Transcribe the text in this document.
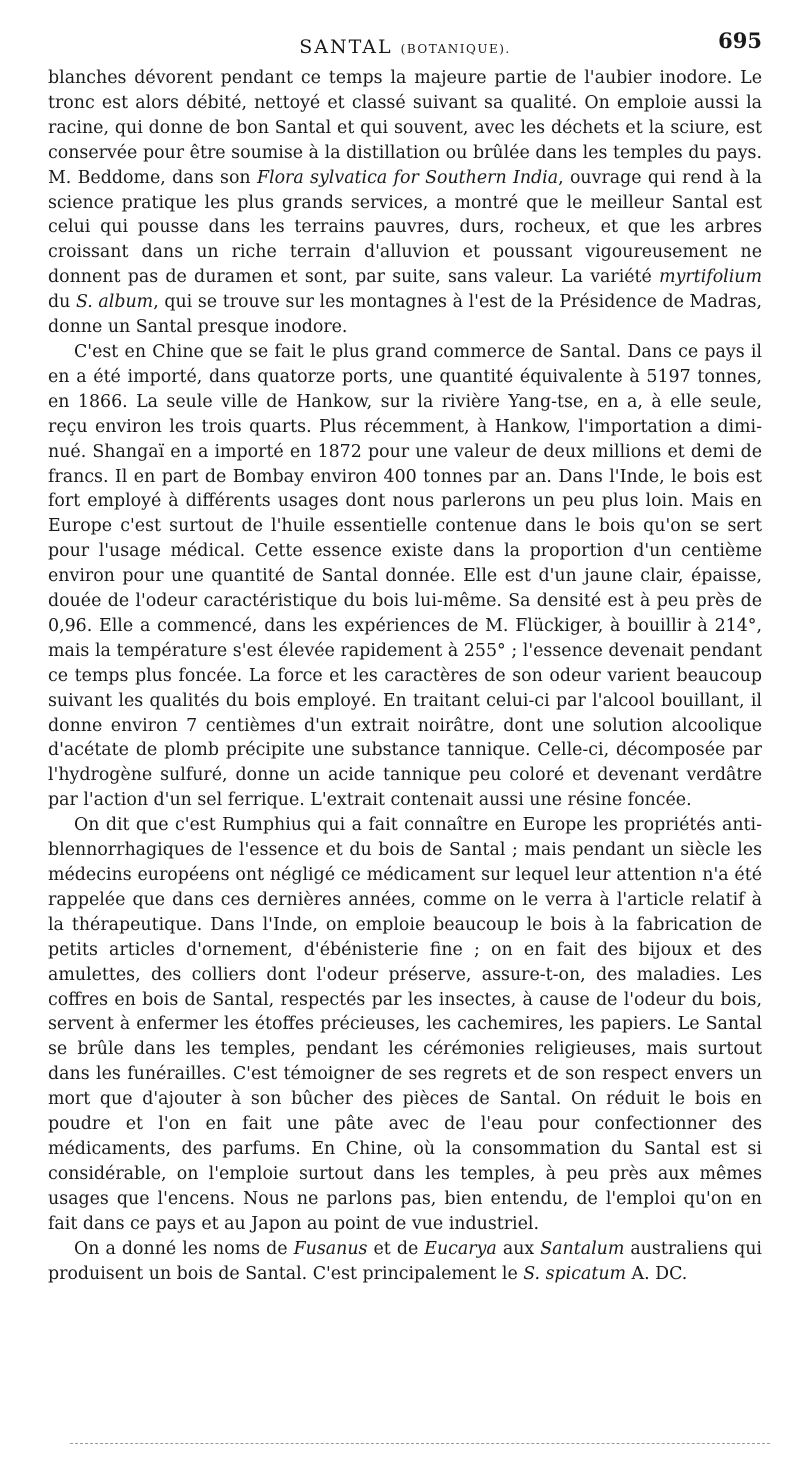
SANTAL (BOTANIQUE).	695

blanches dévorent pendant ce temps la majeure partie de l'aubier inodore. Le tronc est alors débité, nettoyé et classé suivant sa qualité. On emploie aussi la racine, qui donne de bon Santal et qui souvent, avec les déchets et la sciure, est conservée pour être soumise à la distillation ou brûlée dans les temples du pays. M. Beddome, dans son Flora sylvatica for Southern India, ouvrage qui rend à la science pratique les plus grands services, a montré que le meilleur Santal est celui qui pousse dans les terrains pauvres, durs, rocheux, et que les arbres croissant dans un riche terrain d'alluvion et poussant vigoureusement ne donnent pas de duramen et sont, par suite, sans valeur. La variété myrtifolium du S. album, qui se trouve sur les montagnes à l'est de la Présidence de Madras, donne un Santal presque inodore.

C'est en Chine que se fait le plus grand commerce de Santal. Dans ce pays il en a été importé, dans quatorze ports, une quantité équivalente à 5197 tonnes, en 1866. La seule ville de Hankow, sur la rivière Yang-tse, en a, à elle seule, reçu environ les trois quarts. Plus récemment, à Hankow, l'importation a diminué. Shangaï en a importé en 1872 pour une valeur de deux millions et demi de francs. Il en part de Bombay environ 400 tonnes par an. Dans l'Inde, le bois est fort employé à différents usages dont nous parlerons un peu plus loin. Mais en Europe c'est surtout de l'huile essentielle contenue dans le bois qu'on se sert pour l'usage médical. Cette essence existe dans la proportion d'un centième environ pour une quantité de Santal donnée. Elle est d'un jaune clair, épaisse, douée de l'odeur caractéristique du bois lui-même. Sa densité est à peu près de 0,96. Elle a commencé, dans les expériences de M. Flückiger, à bouillir à 214°, mais la température s'est élevée rapidement à 255° ; l'essence devenait pendant ce temps plus foncée. La force et les caractères de son odeur varient beaucoup suivant les qualités du bois employé. En traitant celui-ci par l'alcool bouillant, il donne environ 7 centièmes d'un extrait noirâtre, dont une solution alcoolique d'acétate de plomb précipite une substance tannique. Celle-ci, décomposée par l'hydrogène sulfuré, donne un acide tannique peu coloré et devenant verdâtre par l'action d'un sel ferrique. L'extrait contenait aussi une résine foncée.

On dit que c'est Rumphius qui a fait connaître en Europe les propriétés antiblennorrhagiques de l'essence et du bois de Santal ; mais pendant un siècle les médecins européens ont négligé ce médicament sur lequel leur attention n'a été rappelée que dans ces dernières années, comme on le verra à l'article relatif à la thérapeutique. Dans l'Inde, on emploie beaucoup le bois à la fabrication de petits articles d'ornement, d'ébénisterie fine ; on en fait des bijoux et des amulettes, des colliers dont l'odeur préserve, assure-t-on, des maladies. Les coffres en bois de Santal, respectés par les insectes, à cause de l'odeur du bois, servent à enfermer les étoffes précieuses, les cachemires, les papiers. Le Santal se brûle dans les temples, pendant les cérémonies religieuses, mais surtout dans les funérailles. C'est témoigner de ses regrets et de son respect envers un mort que d'ajouter à son bûcher des pièces de Santal. On réduit le bois en poudre et l'on en fait une pâte avec de l'eau pour confectionner des médicaments, des parfums. En Chine, où la consommation du Santal est si considérable, on l'emploie surtout dans les temples, à peu près aux mêmes usages que l'encens. Nous ne parlons pas, bien entendu, de l'emploi qu'on en fait dans ce pays et au Japon au point de vue industriel.

On a donné les noms de Fusanus et de Eucarya aux Santalum australiens qui produisent un bois de Santal. C'est principalement le S. spicatum A. DC.
